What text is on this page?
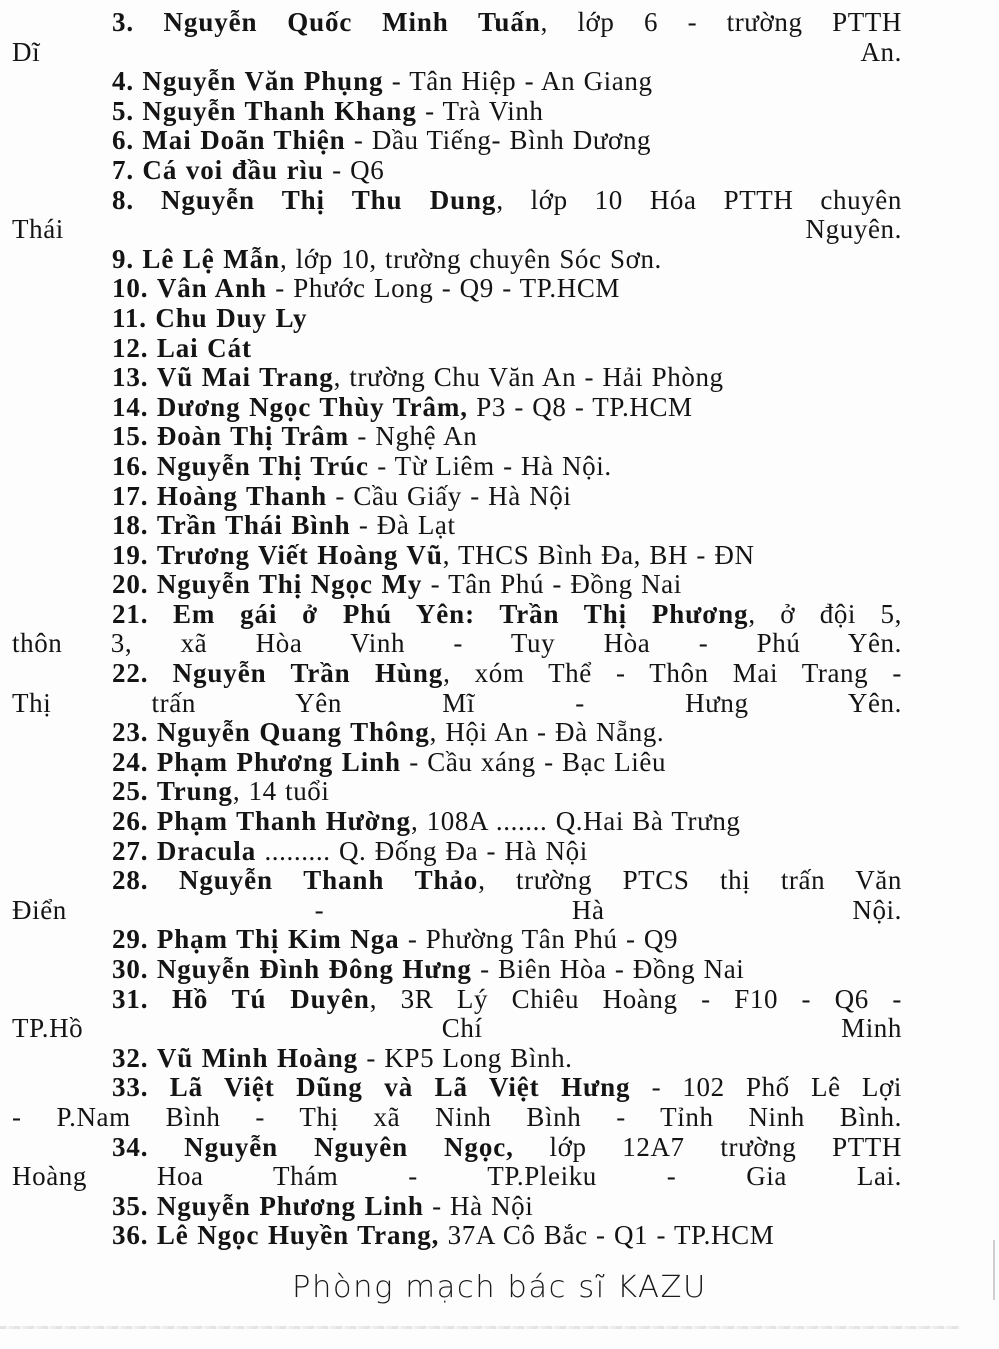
3. Nguyễn Quốc Minh Tuấn, lớp 6 - trường PTTH
Dĩ An.

4. Nguyễn Văn Phụng - Tân Hiệp - An Giang

5. Nguyễn Thanh Khang - Trà Vinh

6. Mai Doãn Thiện - Dầu Tiếng- Bình Dương

7. Cá voi đầu rìu - Q6

8. Nguyễn Thị Thu Dung, lớp 10 Hóa PTTH chuyên
Thái Nguyên.

9. Lê Lệ Mẫn, lớp 10, trường chuyên Sóc Sơn.

10. Vân Anh - Phước Long - Q9 - TP.HCM

11. Chu Duy Ly

12. Lai Cát

13. Vũ Mai Trang, trường Chu Văn An - Hải Phòng

14. Dương Ngọc Thùy Trâm, P3 - Q8 - TP.HCM

15. Đoàn Thị Trâm - Nghệ An

16. Nguyễn Thị Trúc - Từ Liêm - Hà Nội.

17. Hoàng Thanh - Cầu Giấy - Hà Nội

18. Trần Thái Bình - Đà Lạt

19. Trương Viết Hoàng Vũ, THCS Bình Đa, BH - ĐN

20. Nguyễn Thị Ngọc My - Tân Phú - Đồng Nai

21. Em gái ở Phú Yên: Trần Thị Phương, ở đội 5,
thôn 3, xã Hòa Vinh - Tuy Hòa - Phú Yên.

22. Nguyễn Trần Hùng, xóm Thể - Thôn Mai Trang -
Thị trấn Yên Mĩ - Hưng Yên.

23. Nguyễn Quang Thông, Hội An - Đà Nẵng.

24. Phạm Phương Linh - Cầu xáng - Bạc Liêu

25. Trung, 14 tuổi

26. Phạm Thanh Hường, 108A ....... Q.Hai Bà Trưng

27. Dracula ......... Q. Đống Đa - Hà Nội

28. Nguyễn Thanh Thảo, trường PTCS thị trấn Văn
Điển - Hà Nội.

29. Phạm Thị Kim Nga - Phường Tân Phú - Q9

30. Nguyễn Đình Đông Hưng - Biên Hòa - Đồng Nai

31. Hồ Tú Duyên, 3R Lý Chiêu Hoàng - F10 - Q6 -
TP.Hồ Chí Minh

32. Vũ Minh Hoàng - KP5 Long Bình.

33. Lã Việt Dũng và Lã Việt Hưng - 102 Phố Lê Lợi
- P.Nam Bình - Thị xã Ninh Bình - Tỉnh Ninh Bình.

34. Nguyễn Nguyên Ngọc, lớp 12A7 trường PTTH
Hoàng Hoa Thám - TP.Pleiku - Gia Lai.

35. Nguyễn Phương Linh - Hà Nội

36. Lê Ngọc Huyền Trang, 37A Cô Bắc - Q1 - TP.HCM

Phòng mạch bác sĩ KAZU
